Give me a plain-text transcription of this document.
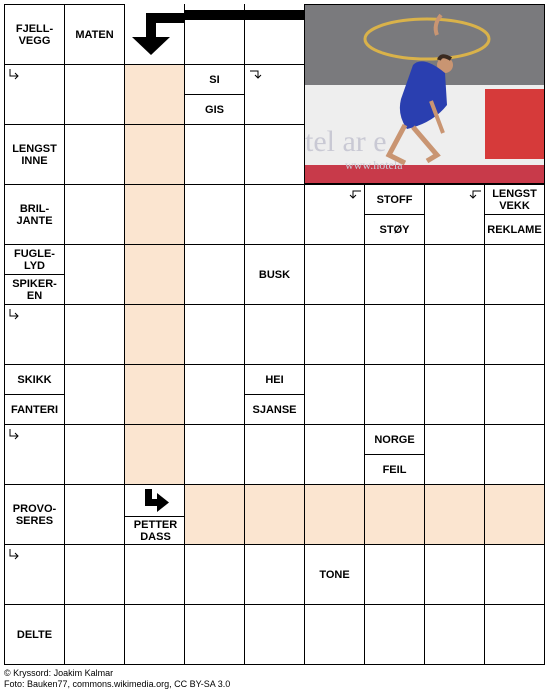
FJELL-
VEGG MATEN
tel ar e
www.hotela
SI
GIS
LENGST
INNE
BRIL-
JANTE
STOFF
STØY
LENGST
VEKK
REKLAME
FUGLE-
LYD
SPIKER-
EN
BUSK
SKIKK
FANTERI
HEI
SJANSE
NORGE
FEIL
PROVO-
SERES	PETTER
DASS
TONE
DELTE
© Kryssord: Joakim Kalmar
Foto: Bauken77, commons.wikimedia.org, CC BY-SA 3.0
